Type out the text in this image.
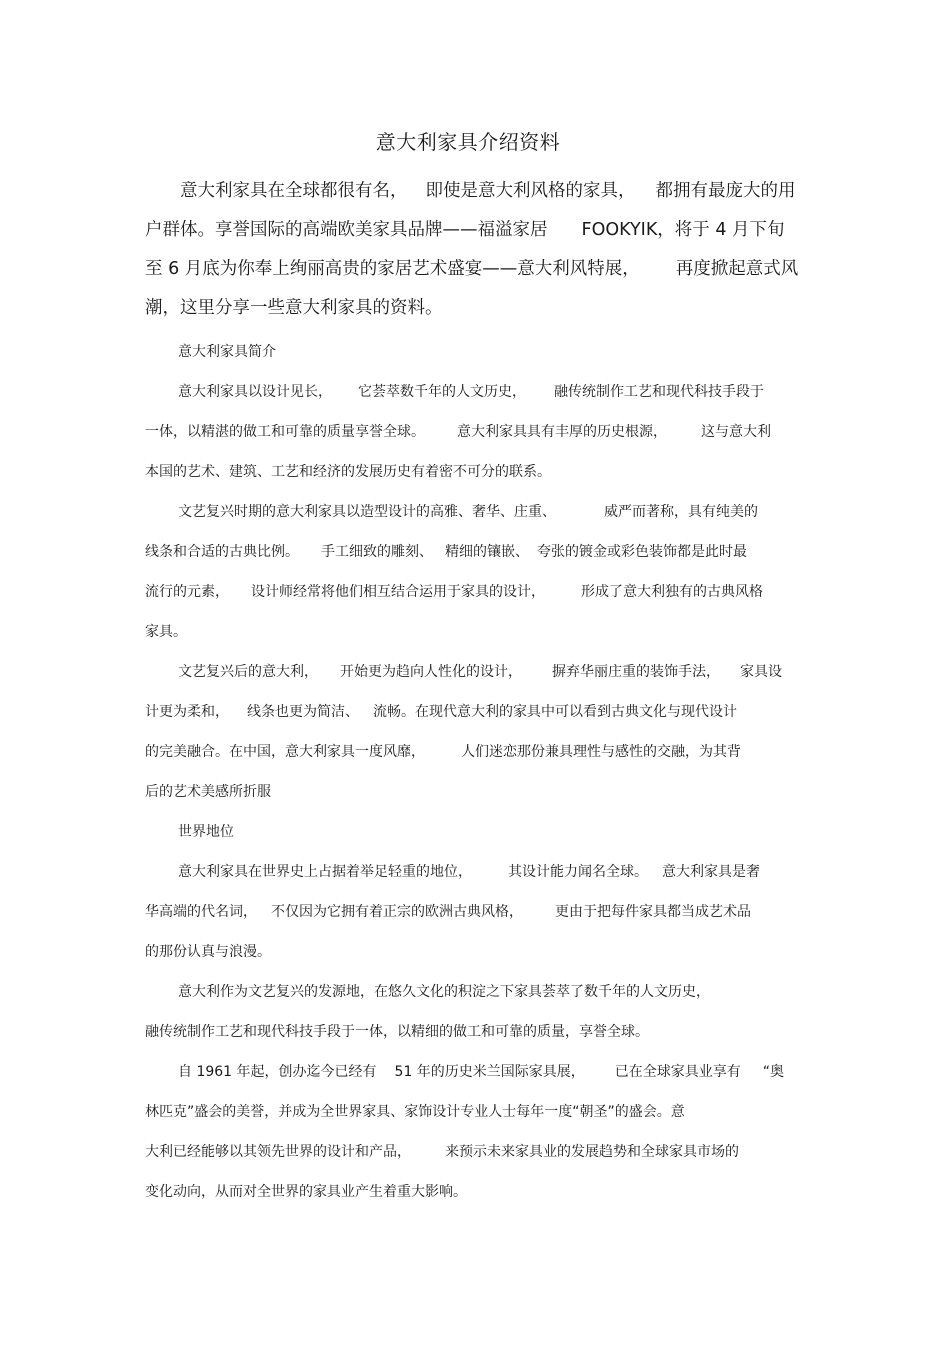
意大利家具介绍资料
意大利家具在全球都很有名， 即使是意大利风格的家具， 都拥有最庞大的用
户群体。享誉国际的高端欧美家具品牌——福溢家居 FOOKYIK，将于 4 月下旬
至 6 月底为你奉上绚丽高贵的家居艺术盛宴——意大利风特展， 再度掀起意式风
潮，这里分享一些意大利家具的资料。
意大利家具简介
意大利家具以设计见长， 它荟萃数千年的人文历史， 融传统制作工艺和现代科技手段于
一体，以精湛的做工和可靠的质量享誉全球。 意大利家具具有丰厚的历史根源， 这与意大利
本国的艺术、建筑、工艺和经济的发展历史有着密不可分的联系。
文艺复兴时期的意大利家具以造型设计的高雅、奢华、庄重、	威严而著称，具有纯美的
线条和合适的古典比例。 手工细致的雕刻、 精细的镶嵌、 夸张的镀金或彩色装饰都是此时最
流行的元素， 设计师经常将他们相互结合运用于家具的设计，	形成了意大利独有的古典风格
家具。
文艺复兴后的意大利， 开始更为趋向人性化的设计， 摒弃华丽庄重的装饰手法， 家具设
计更为柔和， 线条也更为简洁、 流畅。在现代意大利的家具中可以看到古典文化与现代设计
的完美融合。在中国，意大利家具一度风靡，	人们迷恋那份兼具理性与感性的交融，为其背
后的艺术美感所折服
世界地位
意大利家具在世界史上占据着举足轻重的地位，	其设计能力闻名全球。 意大利家具是奢
华高端的代名词， 不仅因为它拥有着正宗的欧洲古典风格， 更由于把每件家具都当成艺术品
的那份认真与浪漫。
意大利作为文艺复兴的发源地，在悠久文化的积淀之下家具荟萃了数千年的人文历史，
融传统制作工艺和现代科技手段于一体，以精细的做工和可靠的质量，享誉全球。
自 1961 年起，创办迄今已经有 51 年的历史米兰国际家具展， 已在全球家具业享有 “奥
林匹克”盛会的美誉，并成为全世界家具、家饰设计专业人士每年一度“朝圣”的盛会。意
大利已经能够以其领先世界的设计和产品， 来预示未来家具业的发展趋势和全球家具市场的
变化动向，从而对全世界的家具业产生着重大影响。
